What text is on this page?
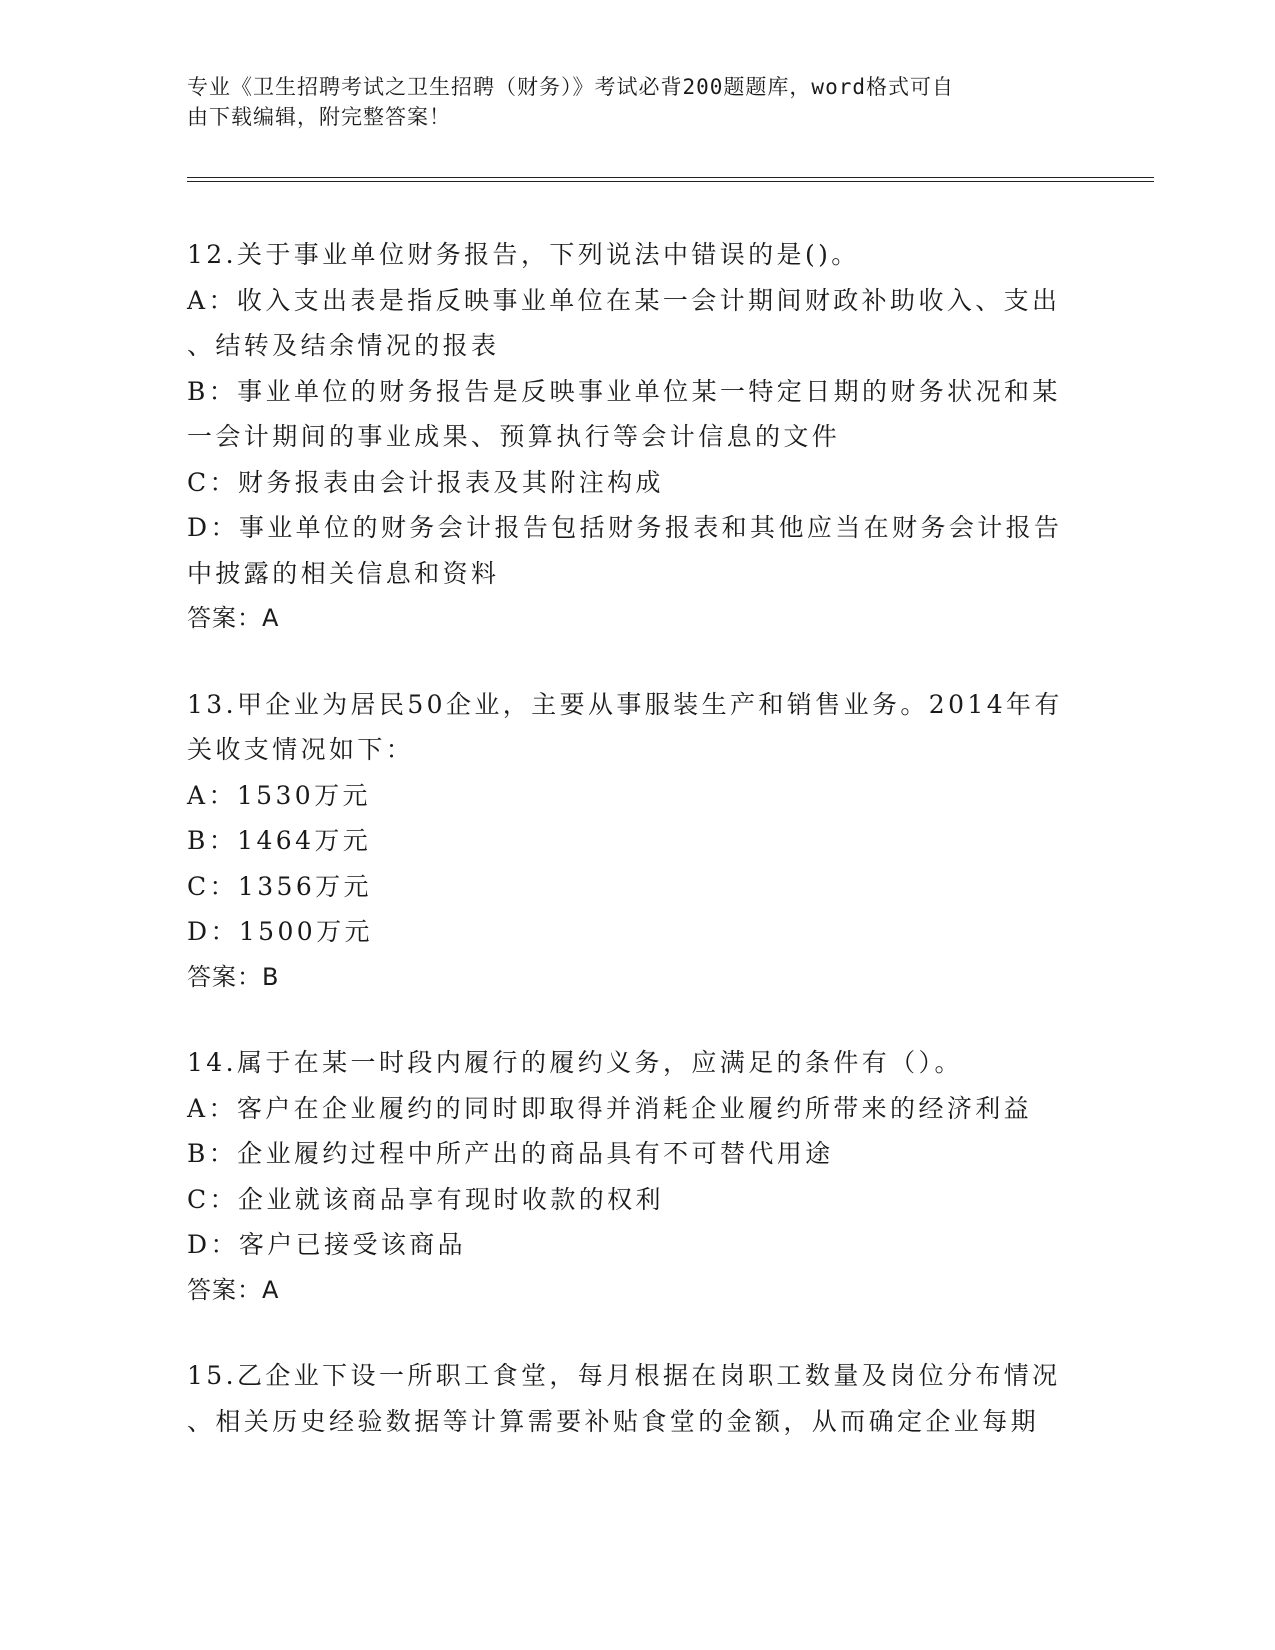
专业《卫生招聘考试之卫生招聘（财务）》考试必背200题题库，word格式可自
由下载编辑，附完整答案！
12.关于事业单位财务报告，下列说法中错误的是()。
A：收入支出表是指反映事业单位在某一会计期间财政补助收入、支出
、结转及结余情况的报表
B：事业单位的财务报告是反映事业单位某一特定日期的财务状况和某
一会计期间的事业成果、预算执行等会计信息的文件
C：财务报表由会计报表及其附注构成
D：事业单位的财务会计报告包括财务报表和其他应当在财务会计报告
中披露的相关信息和资料
答案：A
13.甲企业为居民50企业，主要从事服装生产和销售业务。2014年有
关收支情况如下：
A：1530万元
B：1464万元
C：1356万元
D：1500万元
答案：B
14.属于在某一时段内履行的履约义务，应满足的条件有（）。
A：客户在企业履约的同时即取得并消耗企业履约所带来的经济利益
B：企业履约过程中所产出的商品具有不可替代用途
C：企业就该商品享有现时收款的权利
D：客户已接受该商品
答案：A
15.乙企业下设一所职工食堂，每月根据在岗职工数量及岗位分布情况
、相关历史经验数据等计算需要补贴食堂的金额，从而确定企业每期
